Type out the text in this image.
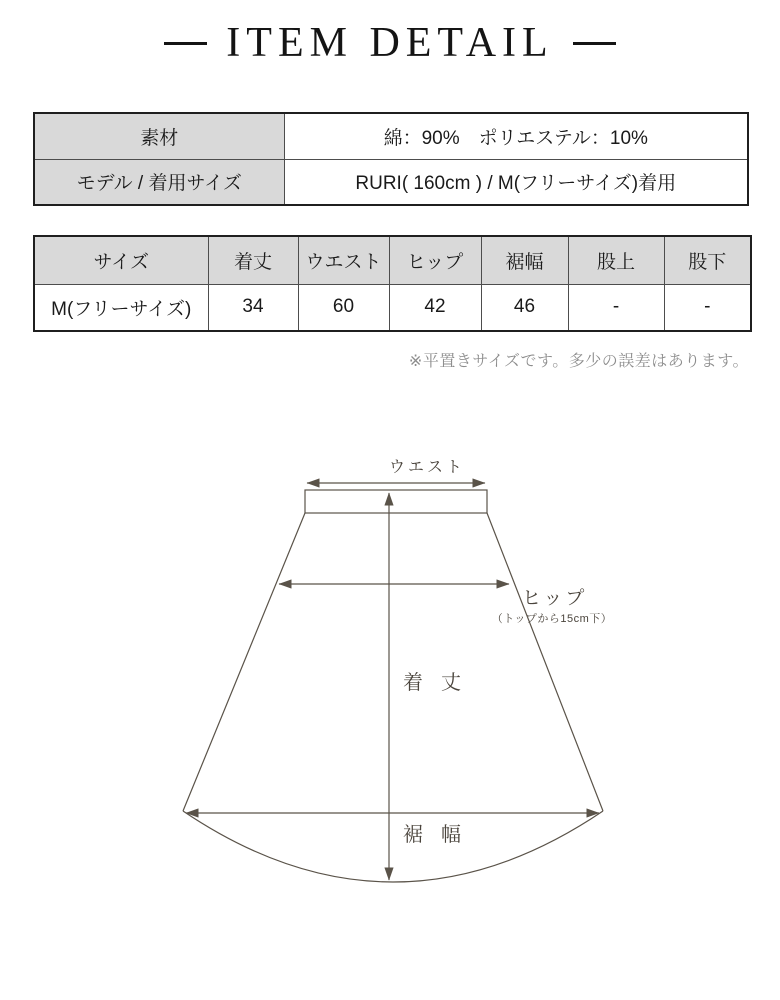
ITEM DETAIL
素材	綿：90%　ポリエステル：10%
モデル / 着用サイズ	RURI( 160cm ) / M(フリーサイズ)着用
サイズ	着丈	ウエスト	ヒップ	裾幅	股上	股下
M(フリーサイズ)	34	60	42	46	-	-
※平置きサイズです。多少の誤差はあります。
ウエスト
ヒップ
（トップから15cm下）
着丈
裾幅
